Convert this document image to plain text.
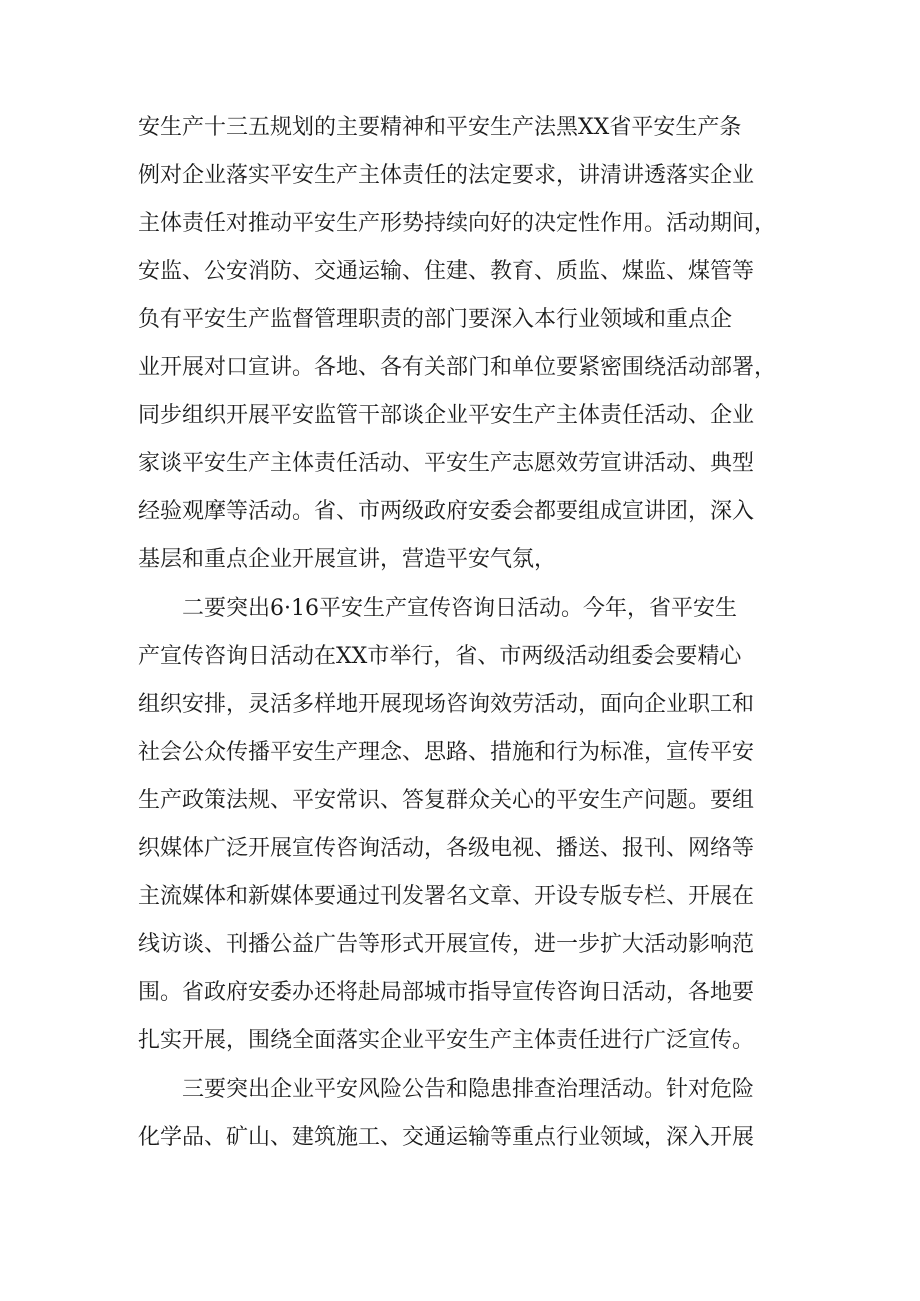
安生产十三五规划的主要精神和平安生产法黑XX省平安生产条
例对企业落实平安生产主体责任的法定要求，讲清讲透落实企业
主体责任对推动平安生产形势持续向好的决定性作用。活动期间，
安监、公安消防、交通运输、住建、教育、质监、煤监、煤管等
负有平安生产监督管理职责的部门要深入本行业领域和重点企
业开展对口宣讲。各地、各有关部门和单位要紧密围绕活动部署，
同步组织开展平安监管干部谈企业平安生产主体责任活动、企业
家谈平安生产主体责任活动、平安生产志愿效劳宣讲活动、典型
经验观摩等活动。省、市两级政府安委会都要组成宣讲团，深入
基层和重点企业开展宣讲，营造平安气氛，
二要突出6·16平安生产宣传咨询日活动。今年，省平安生
产宣传咨询日活动在XX市举行，省、市两级活动组委会要精心
组织安排，灵活多样地开展现场咨询效劳活动，面向企业职工和
社会公众传播平安生产理念、思路、措施和行为标准，宣传平安
生产政策法规、平安常识、答复群众关心的平安生产问题。要组
织媒体广泛开展宣传咨询活动，各级电视、播送、报刊、网络等
主流媒体和新媒体要通过刊发署名文章、开设专版专栏、开展在
线访谈、刊播公益广告等形式开展宣传，进一步扩大活动影响范
围。省政府安委办还将赴局部城市指导宣传咨询日活动，各地要
扎实开展，围绕全面落实企业平安生产主体责任进行广泛宣传。
三要突出企业平安风险公告和隐患排查治理活动。针对危险
化学品、矿山、建筑施工、交通运输等重点行业领域，深入开展
